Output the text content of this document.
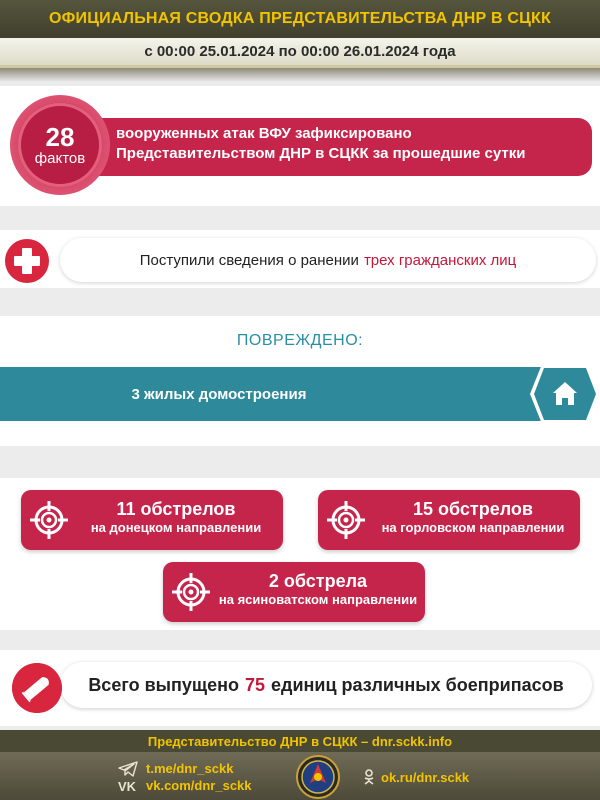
ОФИЦИАЛЬНАЯ СВОДКА ПРЕДСТАВИТЕЛЬСТВА ДНР В СЦКК
с 00:00 25.01.2024 по 00:00 26.01.2024 года
вооруженных атак ВФУ зафиксировано
Представительством ДНР в СЦКК за прошедшие сутки
28
фактов
Поступили сведения о ранении трех гражданских лиц
ПОВРЕЖДЕНО:
3 жилых домостроения
11 обстрелов
на донецком направлении
15 обстрелов
на горловском направлении
2 обстрела
на ясиноватском направлении
Всего выпущено 75 единиц различных боеприпасов
Представительство ДНР в СЦКК – dnr.sckk.info
t.me/dnr_sckk
VK vk.com/dnr_sckk
ok.ru/dnr.sckk
